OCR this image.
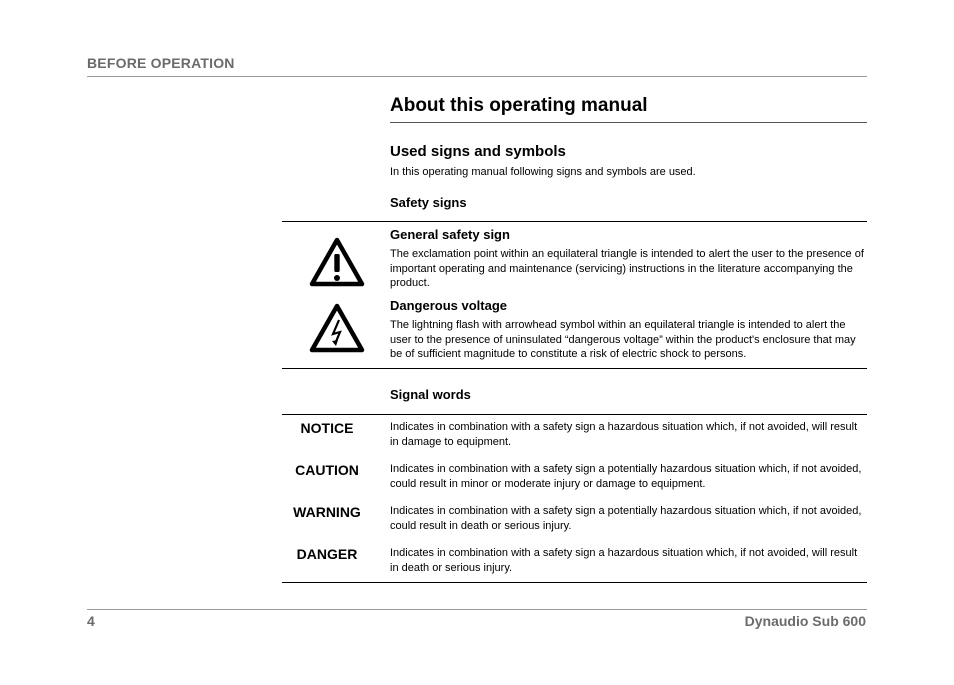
BEFORE OPERATION
About this operating manual
Used signs and symbols
In this operating manual following signs and symbols are used.
Safety signs
General safety sign
The exclamation point within an equilateral triangle is intended to alert the user to the presence of important operating and maintenance (servicing) instructions in the literature accompanying the product.
Dangerous voltage
The lightning flash with arrowhead symbol within an equilateral triangle is intended to alert the user to the presence of uninsulated “dangerous voltage” within the product's enclosure that may be of sufficient magnitude to constitute a risk of electric shock to persons.
Signal words
NOTICE	Indicates in combination with a safety sign a hazardous situation which, if not avoided, will result in damage to equipment.
CAUTION	Indicates in combination with a safety sign a potentially hazardous situation which, if not avoided, could result in minor or moderate injury or damage to equipment.
WARNING	Indicates in combination with a safety sign a potentially hazardous situation which, if not avoided, could result in death or serious injury.
DANGER	Indicates in combination with a safety sign a hazardous situation which, if not avoided, will result in death or serious injury.
4	Dynaudio Sub 600
